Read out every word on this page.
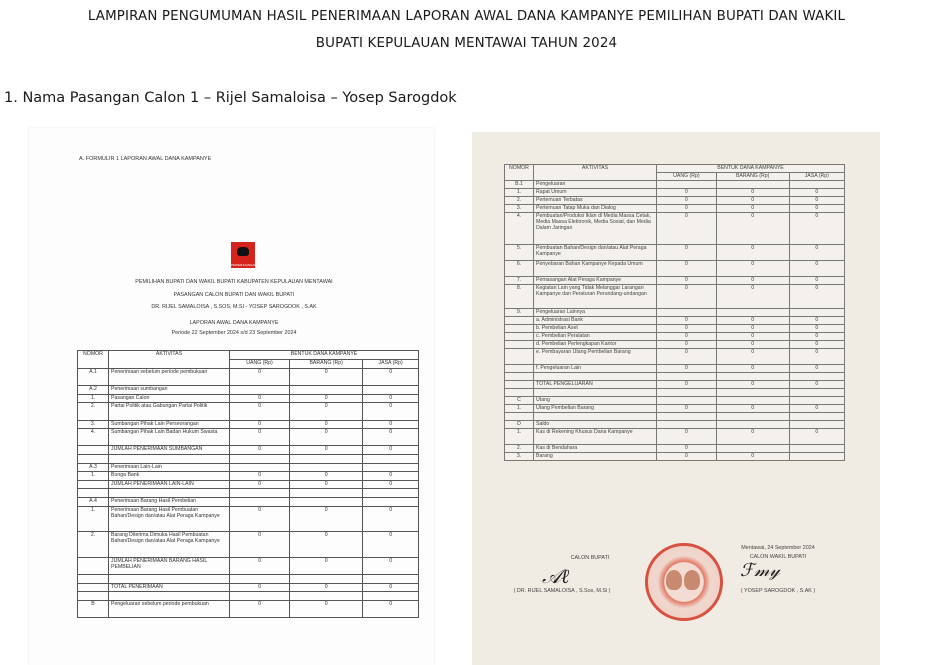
LAMPIRAN PENGUMUMAN HASIL PENERIMAAN LAPORAN AWAL DANA KAMPANYE PEMILIHAN BUPATI DAN WAKIL
BUPATI KEPULAUAN MENTAWAI TAHUN 2024
1. Nama Pasangan Calon 1 – Rijel Samaloisa – Yosep Sarogdok
A. FORMULIR 1 LAPORAN AWAL DANA KAMPANYE
PDIPERJUANGAN
PEMILIHAN BUPATI DAN WAKIL BUPATI KABUPATEN KEPULAUAN MENTAWAI
PASANGAN CALON BUPATI DAN WAKIL BUPATI
DR. RIJEL SAMALOISA , S.SOS, M.SI - YOSEP SAROGDOK , S.AK
LAPORAN AWAL DANA KAMPANYE
Periode 22 September 2024 s/d 23 September 2024
NOMOR	AKTIVITAS	BENTUK DANA KAMPANYE		
		UANG (Rp)	BARANG (Rp)	JASA (Rp)
A.1	Penerimaan sebelum periode pembukuan	0	0	0
A.2	Penerimaan sumbangan			
1.	Pasangan Calon	0	0	0
2.	Partai Politik atau Gabungan Partai Politik	0	0	0
3.	Sumbangan Pihak Lain Perseorangan	0	0	0
4.	Sumbangan Pihak Lain Badan Hukum Swasta	0	0	0
	JUMLAH PENERIMAAN SUMBANGAN	0	0	0

A.3	Penerimaan Lain-Lain			
1.	Bunga Bank	0	0	0
	JUMLAH PENERIMAAN LAIN-LAIN	0	0	0

A.4	Penerimaan Barang Hasil Pembelian			
1.	Penerimaan Barang Hasil Pembuatan Bahan/Design dan/atau Alat Peraga Kampanye	0	0	0
2.	Barang Diterima Dimuka Hasil Pembuatan Bahan/Design dan/atau Alat Peraga Kampanye	0	0	0
	JUMLAH PENERIMAAN BARANG HASIL PEMBELIAN	0	0	0

	TOTAL PENERIMAAN	0	0	0

B	Pengeluaran sebelum periode pembukuan	0	0	0
NOMOR	AKTIVITAS	BENTUK DANA KAMPANYE		
		UANG (Rp)	BARANG (Rp)	JASA (Rp)
B.1	Pengeluaran			
1.	Rapat Umum	0	0	0
2.	Pertemuan Terbatas	0	0	0
3.	Pertemuan Tatap Muka dan Dialog	0	0	0
4.	Pembuatan/Produksi Iklan di Media Massa Cetak, Media Massa Elektronik, Media Sosial, dan Media Dalam Jaringan	0	0	0
5.	Pembuatan Bahan/Design dan/atau Alat Peraga Kampanye	0	0	0
6.	Penyebaran Bahan Kampanye Kepada Umum	0	0	0
7.	Pemasangan Alat Peraga Kampanye	0	0	0
8.	Kegiatan Lain yang Tidak Melanggar Larangan Kampanye dan Peraturan Perundang-undangan	0	0	0
9.	Pengeluaran Lainnya			
	a. Administrasi Bank	0	0	0
	b. Pembelian Aset	0	0	0
	c. Pembelian Peralatan	0	0	0
	d. Pembelian Perlengkapan Kantor	0	0	0
	e. Pembayaran Utang Pembelian Barang	0	0	0
	f. Pengeluaran Lain	0	0	0

	TOTAL PENGELUARAN	0	0	0

C	Utang			
1.	Utang Pembelian Barang	0	0	0

D	Saldo			
1.	Kas di Rekening Khusus Dana Kampanye	0	0	0
2.	Kas di Bendahara	0		
3.	Barang	0	0	
CALON BUPATI
𝒜ℓ
( DR. RIJEL SAMALOISA , S.Sos, M.Si )
Mentawai, 24 September 2024
CALON WAKIL BUPATI
ℱ𝓂𝓎
( YOSEP SAROGDOK , S.AK )
